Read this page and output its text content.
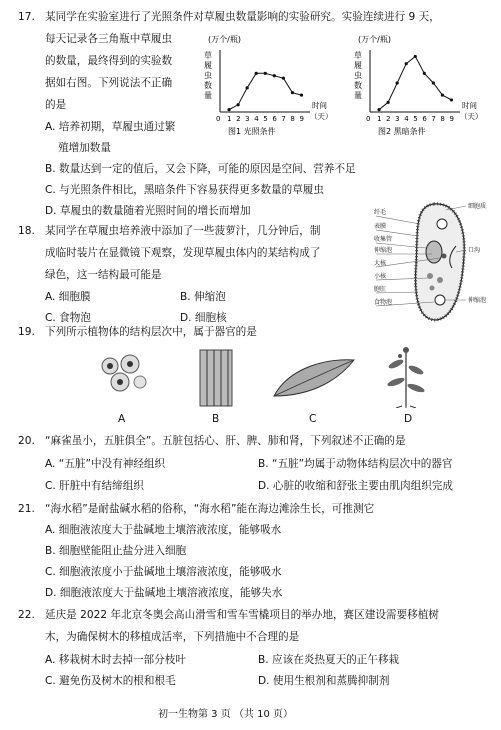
17. 某同学在实验室进行了光照条件对草履虫数量影响的实验研究。实验连续进行 9 天，
每天记录各三角瓶中草履虫
的数量，最终得到的实验数
据如右图。下列说法不正确
的是
A. 培养初期，草履虫通过繁
殖增加数量
B. 数量达到一定的值后，又会下降，可能的原因是空间、营养不足
C. 与光照条件相比，黑暗条件下容易获得更多数量的草履虫
D. 草履虫的数量随着光照时间的增长而增加
(万个/瓶)
草
履
虫
数
量
1 2 3 4 5 6 7 8 9
0
时间
（天）
图1 光照条件
(万个/瓶)
草
履
虫
数
量
1 2 3 4 5 6 7 8 9
0
时间
（天）
图2 黑暗条件
18. 某同学在草履虫培养液中添加了一些菠萝汁，几分钟后，制
成临时装片在显微镜下观察，发现草履虫体内的某结构成了
绿色，这一结构最可能是
A. 细胞膜	B. 伸缩泡
C. 食物泡	D. 细胞核
纤毛
表膜
收集管
伸缩泡
大核
小核
口沟
胞肛
食物泡
细胞质
伸缩泡
19. 下列所示植物体的结构层次中，属于器官的是
A	B	C	D
20. “麻雀虽小，五脏俱全”。五脏包括心、肝、脾、肺和肾，下列叙述不正确的是
A. “五脏”中没有神经组织	B. “五脏”均属于动物体结构层次中的器官
C. 肝脏中有结缔组织	D. 心脏的收缩和舒张主要由肌肉组织完成
21. “海水稻”是耐盐碱水稻的俗称，“海水稻”能在海边滩涂生长，可推测它
A. 细胞液浓度大于盐碱地土壤溶液浓度，能够吸水
B. 细胞壁能阻止盐分进入细胞
C. 细胞液浓度小于盐碱地土壤溶液浓度，能够吸水
D. 细胞液浓度大于盐碱地土壤溶液浓度，能够失水
22. 延庆是 2022 年北京冬奥会高山滑雪和雪车雪橇项目的举办地，赛区建设需要移植树
木，为确保树木的移植成活率，下列措施中不合理的是
A. 移栽树木时去掉一部分枝叶	B. 应该在炎热夏天的正午移栽
C. 避免伤及树木的根和根毛	D. 使用生根剂和蒸腾抑制剂
初一生物第 3 页 （共 10 页）
